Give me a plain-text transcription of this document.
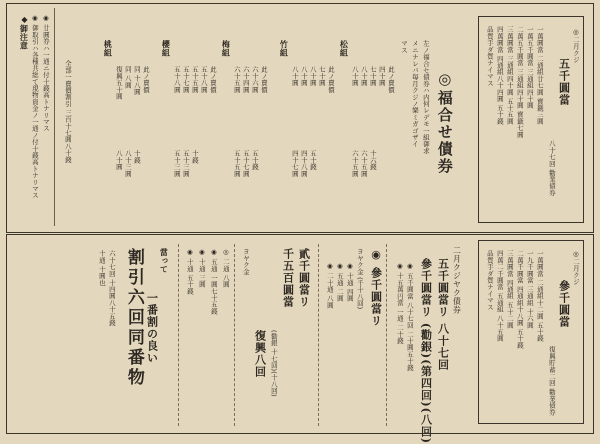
◆御注意 ◉ 御取引ハ各種共総て現物資金ノ一通ノ付十錢高トナリマス ◉ 廿圓券ハ一通ニ付十錢高トナリマス 全部一賣價割引 三百十七圓八十錢
桃組
復興五十圓 同 八圓 同 十八圓 此ノ賣價
八十圓 八十三圓 十錢
櫻組
五十八圓 五十七圓 五十五圓 五十八圓 此ノ賣價
五十三圓 五十三圓 十錢
梅組
六十五圓 六十四圓 六十六圓 此ノ賣價
五十五圓 五十七圓 五十錢
竹組
八十圓 八十圓 八十圓 七十圓 此ノ賣價
四十七圓 四十八圓 五十錢
松組
八十圓 八十圓 七十圓 四十圓 此ノ賣價
六十五圓 六十五圓 十六錢
マス メニナレバ毎月クジノ樂ミガゴザイ 左ノ福合セ債券ハ内何レデモ一組御求 ◎福合せ債券
品質手ダ質ナイマス 四萬圓當 四通組八十四圓 五十錢 三萬圓當 三通組四十圓 五十五圓 二萬五千圓當 三通組四十圓 寶籤七圓 一萬五千圓當 三通組四十圓 一萬圓當 二通組廿七圓 寶籤三圓
八十七回 勸業債券
五千圓當
◎二月クジ
品質手ダ質ナイマス 四萬二千圓當 五通組 八十五圓 三萬圓當 四通組 五十二圓 二萬千圓當 四通組十八圓 五十錢 一九千圓當 三通組 十六圓 一萬圓當 二通組十二圓 五十錢
復興貯蓄二回 勸業債券
參千圓當
◎二月クジ
二月クジヤク債券
五千圓當リ 八十七回
參千圓當リ (勸銀)(第四回)(八回)
◉ 五千圓當 八十七回 二十圓五十錢
◉ 十五萬円當 一通 二十錢
◉ 參千圓當リ
ヨヤク金 (千十八回)
◉ 十通 四圓
◉ 五通 二圓
◉ 二十通 八圓
貳千圓當リ
千五百圓當
(勸銀 十七回)(十八回)
復興八回
ヨヤク金
◎ 二通 八圓
◉ 五通 一圓七十五錢
◉ 十通 三圓
◉ 十通 五十錢
當って
一番割の良い
割引六回同番物
六十七回 十四圓八十五錢
十通 十圓也
